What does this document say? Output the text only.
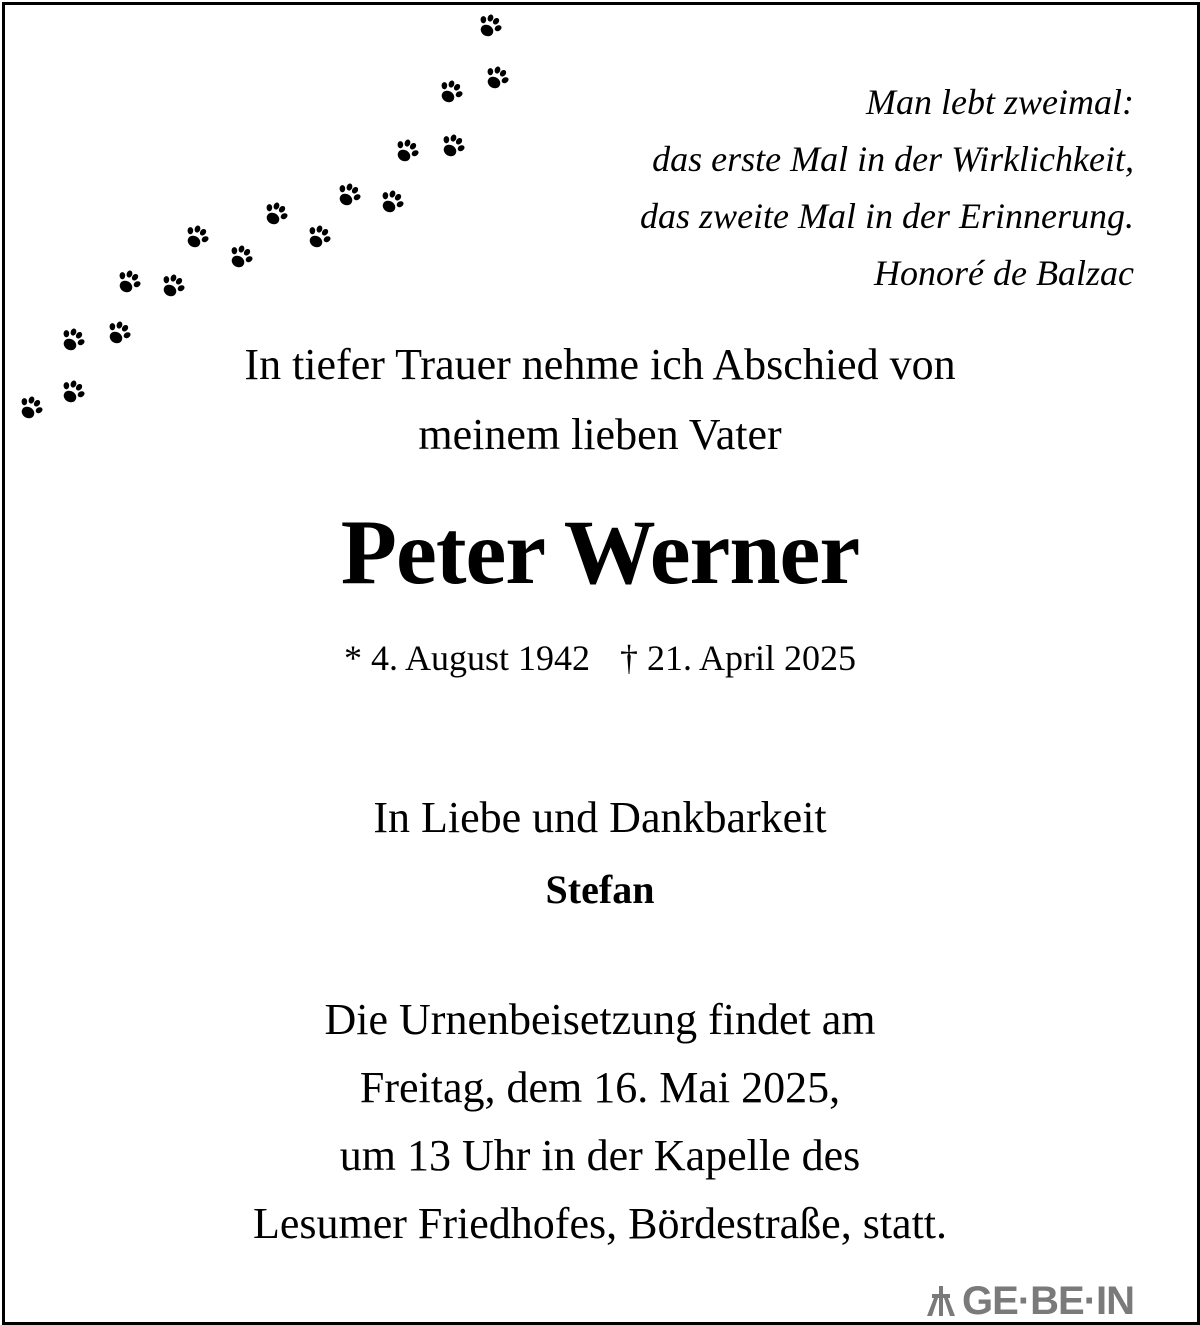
Man lebt zweimal:
das erste Mal in der Wirklichkeit,
das zweite Mal in der Erinnerung.
Honoré de Balzac
In tiefer Trauer nehme ich Abschied von
meinem lieben Vater
Peter Werner
* 4. August 1942 † 21. April 2025
In Liebe und Dankbarkeit
Stefan
Die Urnenbeisetzung findet am
Freitag, dem 16. Mai 2025,
um 13 Uhr in der Kapelle des
Lesumer Friedhofes, Bördestraße, statt.
GE·BE·IN
